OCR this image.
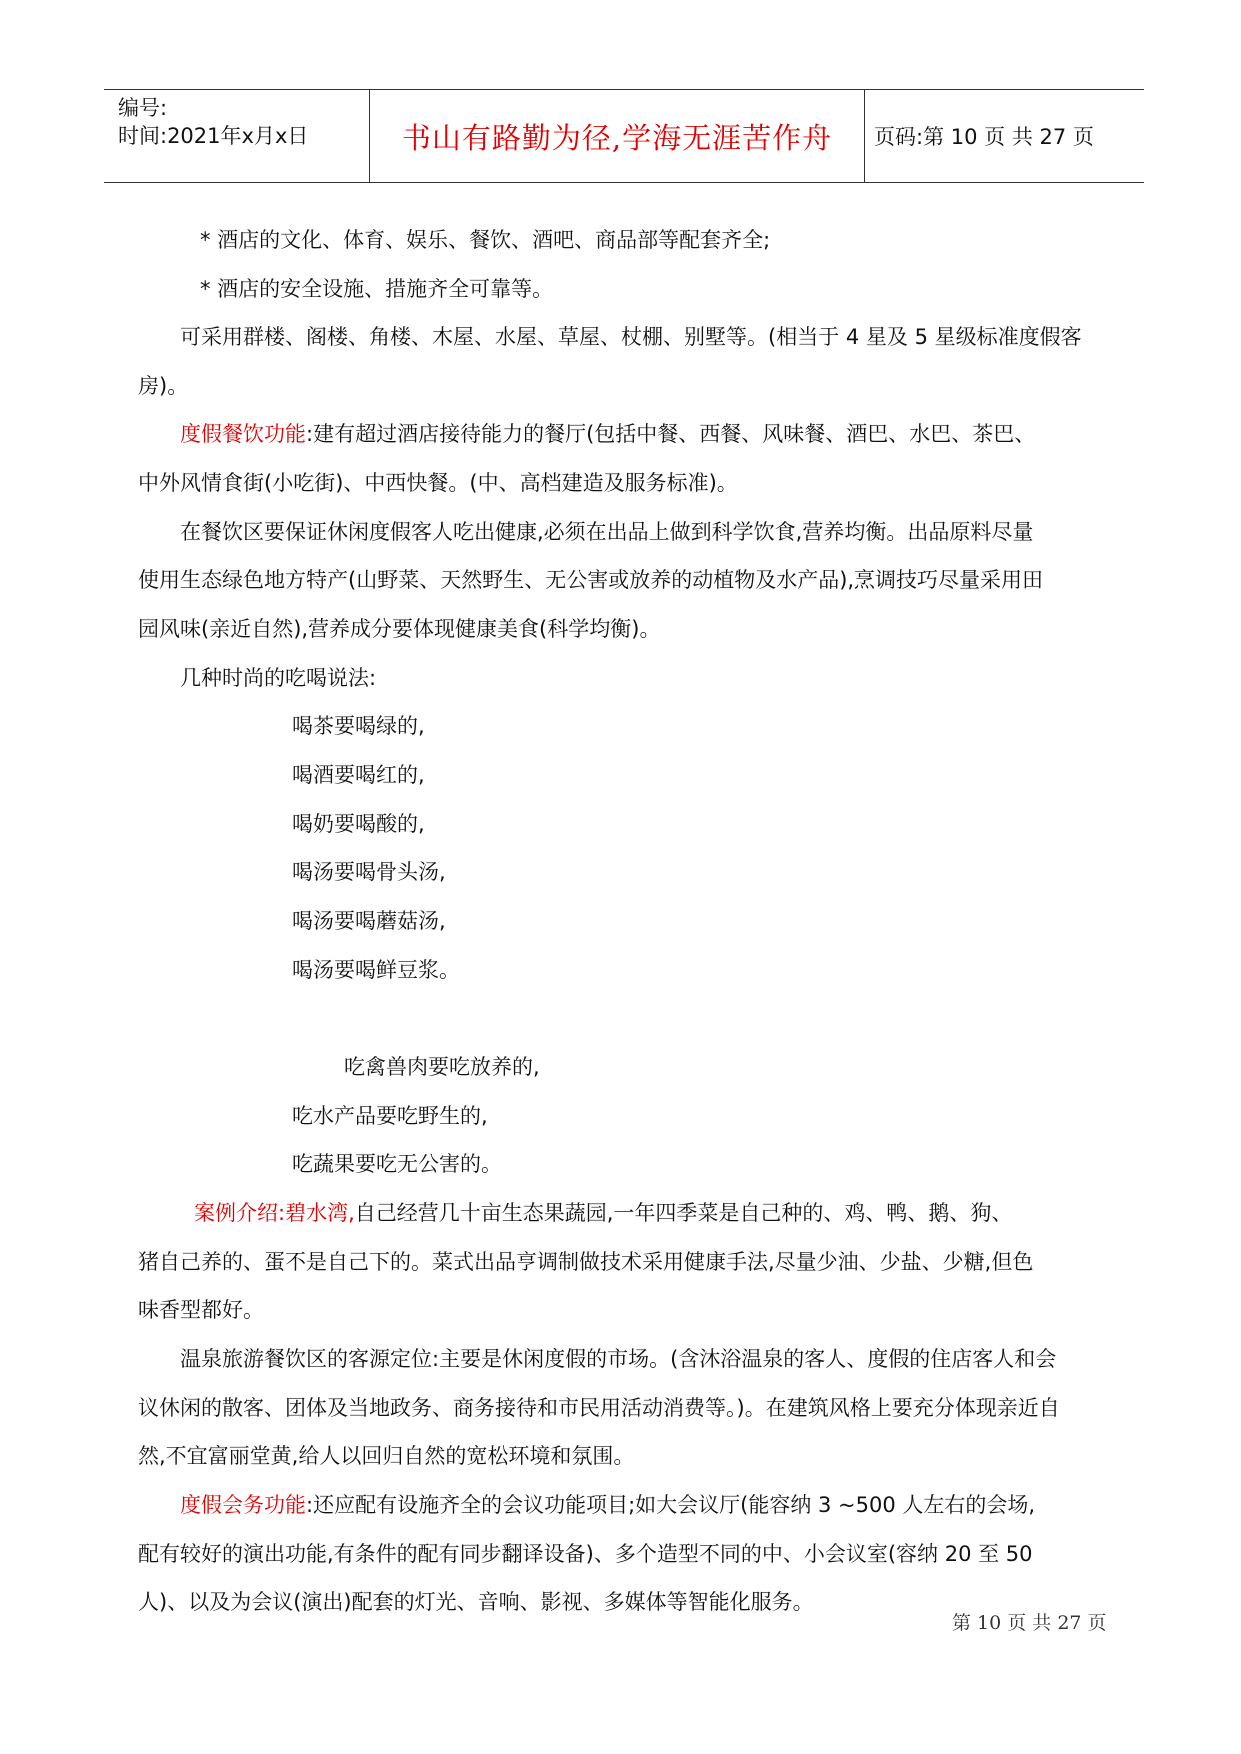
编号:
时间:2021年x月x日	书山有路勤为径,学海无涯苦作舟	页码:第 10 页 共 27 页
* 酒店的文化、体育、娱乐、餐饮、酒吧、商品部等配套齐全;
* 酒店的安全设施、措施齐全可靠等。
可采用群楼、阁楼、角楼、木屋、水屋、草屋、杖棚、别墅等。(相当于 4 星及 5 星级标准度假客
房)。
度假餐饮功能:建有超过酒店接待能力的餐厅(包括中餐、西餐、风味餐、酒巴、水巴、茶巴、
中外风情食街(小吃街)、中西快餐。(中、高档建造及服务标准)。
在餐饮区要保证休闲度假客人吃出健康,必须在出品上做到科学饮食,营养均衡。出品原料尽量
使用生态绿色地方特产(山野菜、天然野生、无公害或放养的动植物及水产品),烹调技巧尽量采用田
园风味(亲近自然),营养成分要体现健康美食(科学均衡)。
几种时尚的吃喝说法:
喝茶要喝绿的,
喝酒要喝红的,
喝奶要喝酸的,
喝汤要喝骨头汤,
喝汤要喝蘑菇汤,
喝汤要喝鲜豆浆。
吃禽兽肉要吃放养的,
吃水产品要吃野生的,
吃蔬果要吃无公害的。
案例介绍:碧水湾,自己经营几十亩生态果蔬园,一年四季菜是自己种的、鸡、鸭、鹅、狗、
猪自己养的、蛋不是自己下的。菜式出品亨调制做技术采用健康手法,尽量少油、少盐、少糖,但色
味香型都好。
温泉旅游餐饮区的客源定位:主要是休闲度假的市场。(含沐浴温泉的客人、度假的住店客人和会
议休闲的散客、团体及当地政务、商务接待和市民用活动消费等。)。在建筑风格上要充分体现亲近自
然,不宜富丽堂黄,给人以回归自然的宽松环境和氛围。
度假会务功能:还应配有设施齐全的会议功能项目;如大会议厅(能容纳 3 ~500 人左右的会场,
配有较好的演出功能,有条件的配有同步翻译设备)、多个造型不同的中、小会议室(容纳 20 至 50
人)、以及为会议(演出)配套的灯光、音响、影视、多媒体等智能化服务。
第 10 页 共 27 页
